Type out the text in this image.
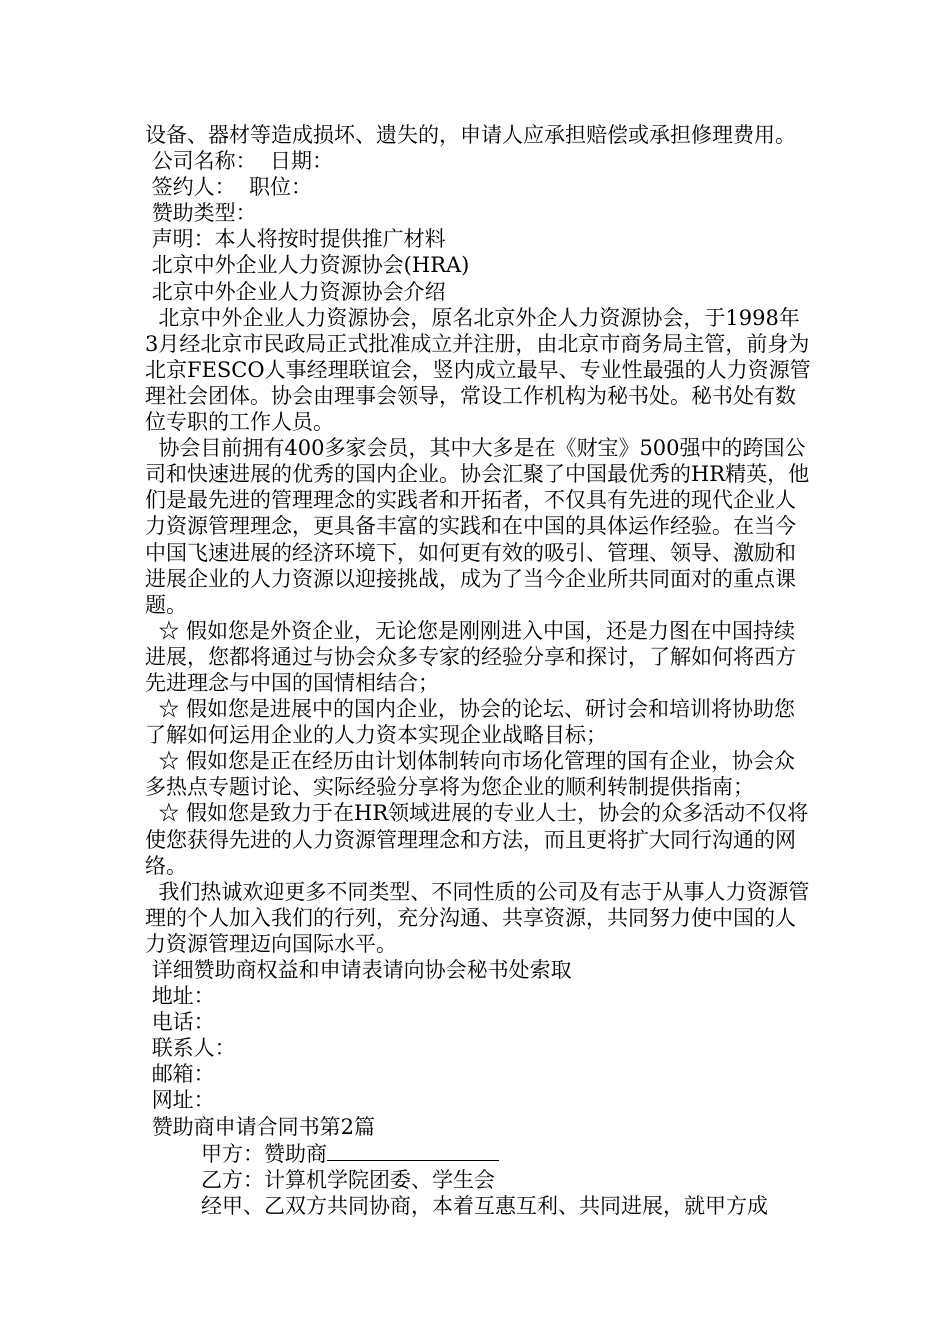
设备、器材等造成损坏、遗失的，申请人应承担赔偿或承担修理费用。
公司名称：  日期：
签约人：  职位：
赞助类型：
声明：本人将按时提供推广材料
北京中外企业人力资源协会(HRA)
北京中外企业人力资源协会介绍
北京中外企业人力资源协会，原名北京外企人力资源协会，于1998年3月经北京市民政局正式批准成立并注册，由北京市商务局主管，前身为北京FESCO人事经理联谊会，竖内成立最早、专业性最强的人力资源管理社会团体。协会由理事会领导，常设工作机构为秘书处。秘书处有数位专职的工作人员。
协会目前拥有400多家会员，其中大多是在《财宝》500强中的跨国公司和快速进展的优秀的国内企业。协会汇聚了中国最优秀的HR精英，他们是最先进的管理理念的实践者和开拓者，不仅具有先进的现代企业人力资源管理理念，更具备丰富的实践和在中国的具体运作经验。在当今中国飞速进展的经济环境下，如何更有效的吸引、管理、领导、激励和进展企业的人力资源以迎接挑战，成为了当今企业所共同面对的重点课题。
☆ 假如您是外资企业，无论您是刚刚进入中国，还是力图在中国持续进展，您都将通过与协会众多专家的经验分享和探讨，了解如何将西方先进理念与中国的国情相结合；
☆ 假如您是进展中的国内企业，协会的论坛、研讨会和培训将协助您了解如何运用企业的人力资本实现企业战略目标；
☆ 假如您是正在经历由计划体制转向市场化管理的国有企业，协会众多热点专题讨论、实际经验分享将为您企业的顺利转制提供指南；
☆ 假如您是致力于在HR领域进展的专业人士，协会的众多活动不仅将使您获得先进的人力资源管理理念和方法，而且更将扩大同行沟通的网络。
我们热诚欢迎更多不同类型、不同性质的公司及有志于从事人力资源管理的个人加入我们的行列，充分沟通、共享资源，共同努力使中国的人力资源管理迈向国际水平。
详细赞助商权益和申请表请向协会秘书处索取
地址：
电话：
联系人：
邮箱：
网址：
赞助商申请合同书第2篇
甲方：赞助商
乙方：计算机学院团委、学生会
经甲、乙双方共同协商，本着互惠互利、共同进展，就甲方成
